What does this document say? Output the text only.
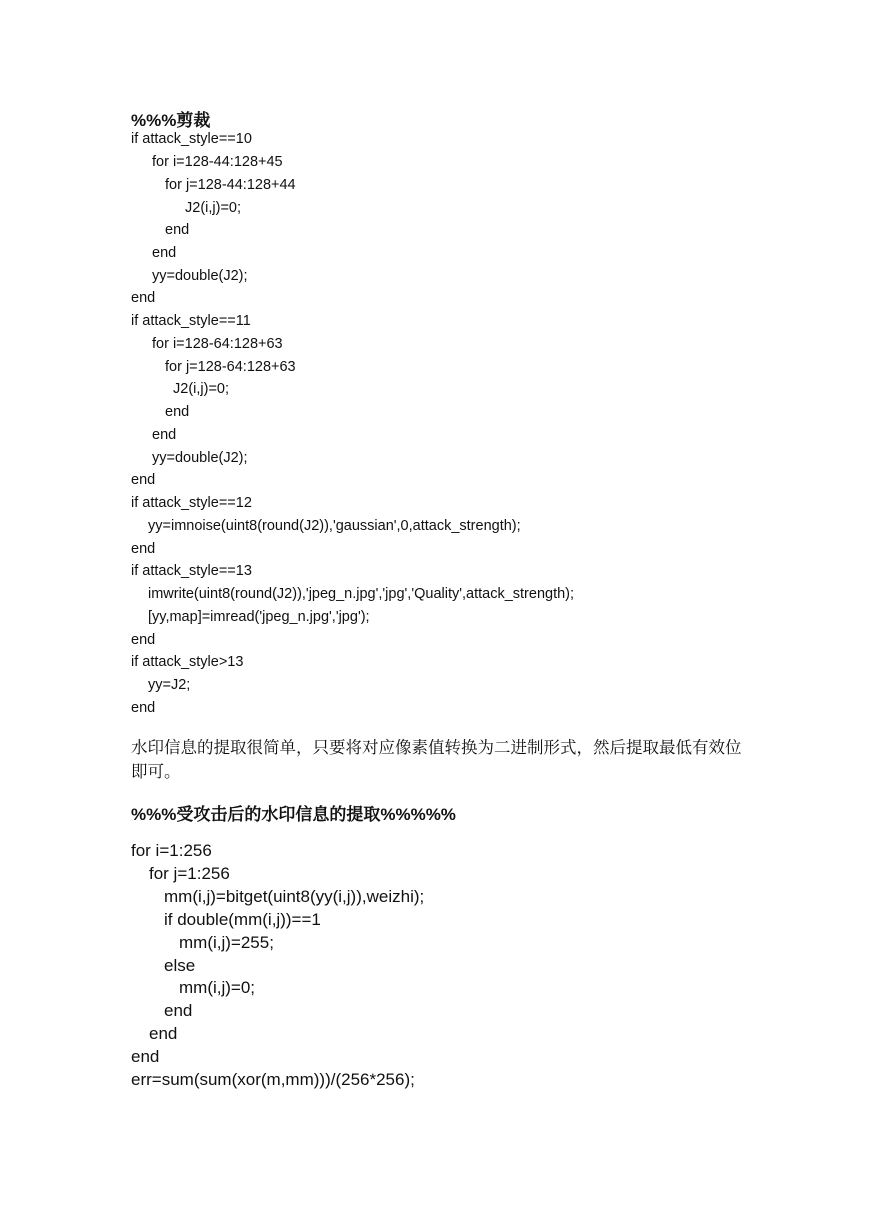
%%%剪裁
if attack_style==10
for i=128-44:128+45
for j=128-44:128+44
J2(i,j)=0;
end
end
yy=double(J2);
end
if attack_style==11
for i=128-64:128+63
for j=128-64:128+63
J2(i,j)=0;
end
end
yy=double(J2);
end
if attack_style==12
yy=imnoise(uint8(round(J2)),'gaussian',0,attack_strength);
end
if attack_style==13
imwrite(uint8(round(J2)),'jpeg_n.jpg','jpg','Quality',attack_strength);
[yy,map]=imread('jpeg_n.jpg','jpg');
end
if attack_style>13
yy=J2;
end
水印信息的提取很简单，只要将对应像素值转换为二进制形式，然后提取最低有效位即可。
%%%受攻击后的水印信息的提取%%%%%
for i=1:256
for j=1:256
mm(i,j)=bitget(uint8(yy(i,j)),weizhi);
if double(mm(i,j))==1
mm(i,j)=255;
else
mm(i,j)=0;
end
end
end
err=sum(sum(xor(m,mm)))/(256*256);
